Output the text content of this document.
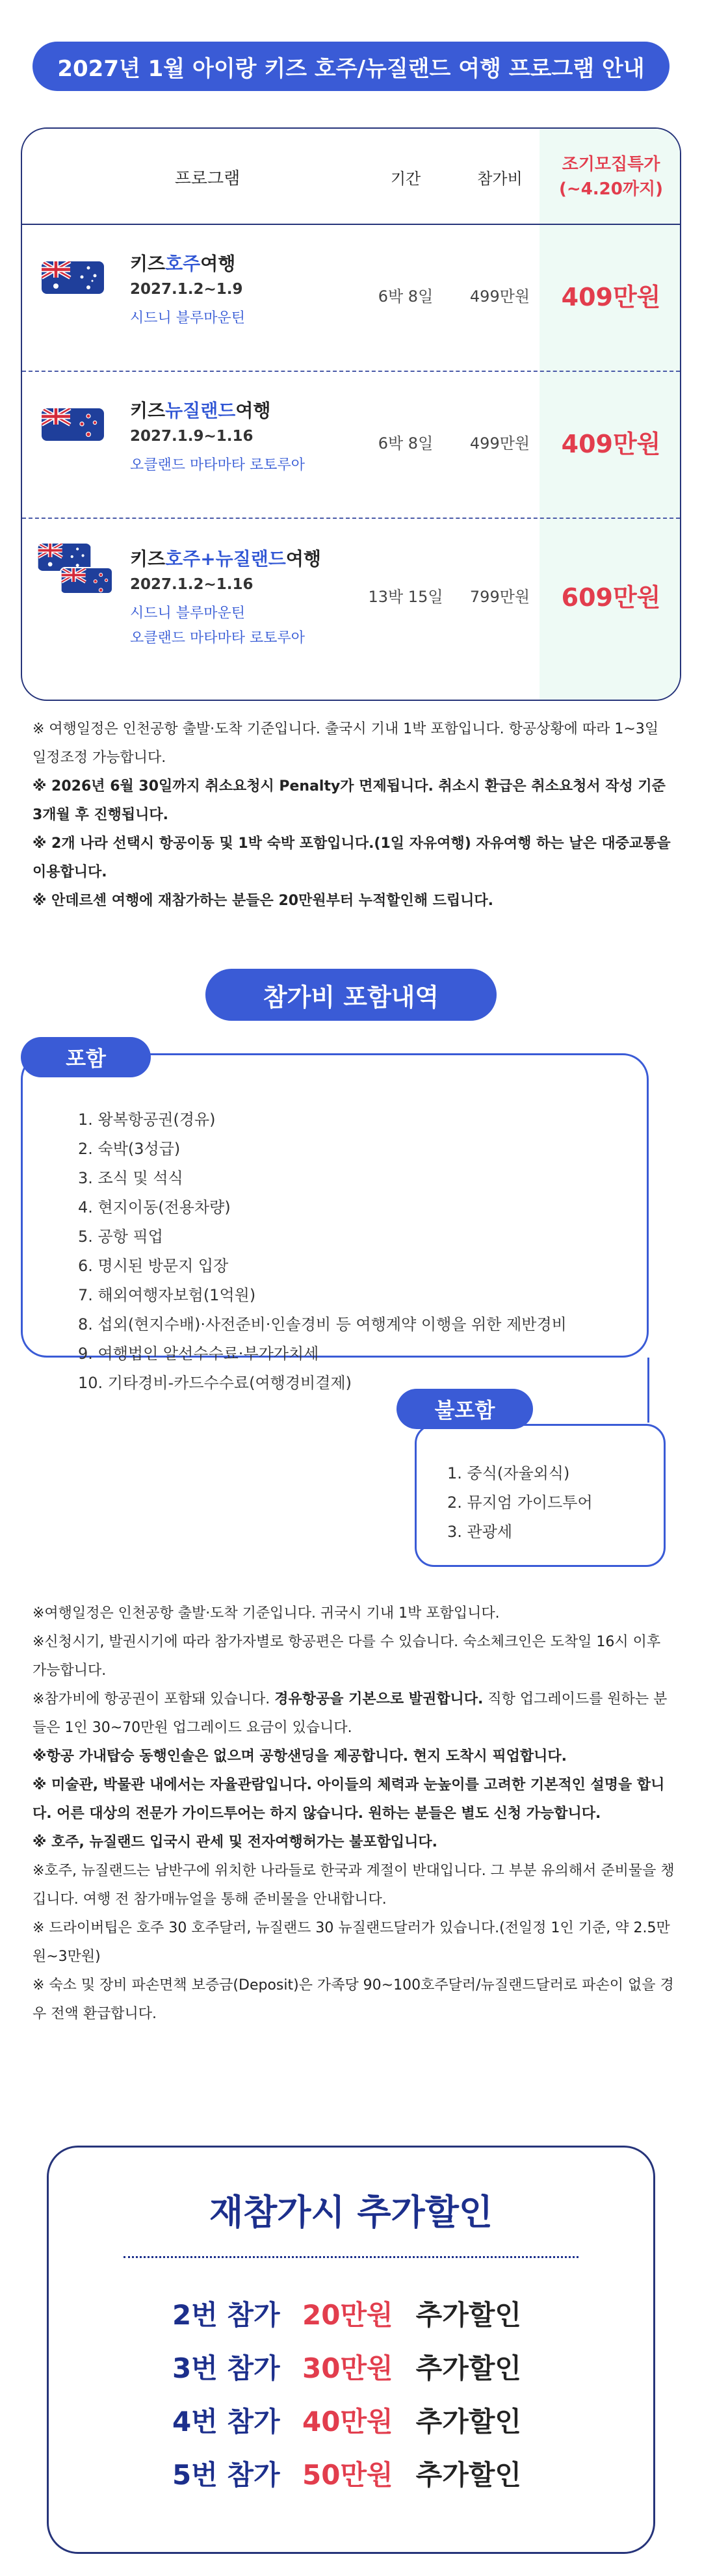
2027년 1월 아이랑 키즈 호주/뉴질랜드 여행 프로그램 안내
프로그램	기간	참가비
조기모집특가
(~4.20까지)
키즈호주여행
2027.1.2~1.9
시드니 블루마운틴
6박 8일	499만원	409만원
키즈뉴질랜드여행
2027.1.9~1.16
오클랜드 마타마타 로토루아
6박 8일	499만원	409만원
키즈호주+뉴질랜드여행
2027.1.2~1.16
시드니 블루마운틴
오클랜드 마타마타 로토루아
13박 15일	799만원	609만원

※ 여행일정은 인천공항 출발·도착 기준입니다. 출국시 기내 1박 포함입니다. 항공상황에 따라 1~3일 일정조정 가능합니다.

※ 2026년 6월 30일까지 취소요청시 Penalty가 면제됩니다. 취소시 환급은 취소요청서 작성 기준 3개월 후 진행됩니다.

※ 2개 나라 선택시 항공이동 및 1박 숙박 포함입니다.(1일 자유여행) 자유여행 하는 날은 대중교통을 이용합니다.

※ 안데르센 여행에 재참가하는 분들은 20만원부터 누적할인해 드립니다.

참가비 포함내역
포함
1. 왕복항공권(경유)
2. 숙박(3성급)
3. 조식 및 석식
4. 현지이동(전용차량)
5. 공항 픽업
6. 명시된 방문지 입장
7. 해외여행자보험(1억원)
8. 섭외(현지수배)·사전준비·인솔경비 등 여행계약 이행을 위한 제반경비
9. 여행법인 알선수수료·부가가치세
10. 기타경비-카드수수료(여행경비결제)
불포함
1. 중식(자율외식)
2. 뮤지엄 가이드투어
3. 관광세

※여행일정은 인천공항 출발·도착 기준입니다. 귀국시 기내 1박 포함입니다.

※신청시기, 발권시기에 따라 참가자별로 항공편은 다를 수 있습니다. 숙소체크인은 도착일 16시 이후 가능합니다.

※참가비에 항공권이 포함돼 있습니다. 경유항공을 기본으로 발권합니다. 직항 업그레이드를 원하는 분들은 1인 30~70만원 업그레이드 요금이 있습니다.

※항공 가내탑승 동행인솔은 없으며 공항샌딩을 제공합니다. 현지 도착시 픽업합니다.

※ 미술관, 박물관 내에서는 자율관람입니다. 아이들의 체력과 눈높이를 고려한 기본적인 설명을 합니다. 어른 대상의 전문가 가이드투어는 하지 않습니다. 원하는 분들은 별도 신청 가능합니다.

※ 호주, 뉴질랜드 입국시 관세 및 전자여행허가는 불포함입니다.

※호주, 뉴질랜드는 남반구에 위치한 나라들로 한국과 계절이 반대입니다. 그 부분 유의해서 준비물을 챙깁니다. 여행 전 참가매뉴얼을 통해 준비물을 안내합니다.

※ 드라이버팁은 호주 30 호주달러, 뉴질랜드 30 뉴질랜드달러가 있습니다.(전일정 1인 기준, 약 2.5만원~3만원)

※ 숙소 및 장비 파손면책 보증금(Deposit)은 가족당 90~100호주달러/뉴질랜드달러로 파손이 없을 경우 전액 환급합니다.

재참가시 추가할인
2번 참가 20만원 추가할인
3번 참가 30만원 추가할인
4번 참가 40만원 추가할인
5번 참가 50만원 추가할인
